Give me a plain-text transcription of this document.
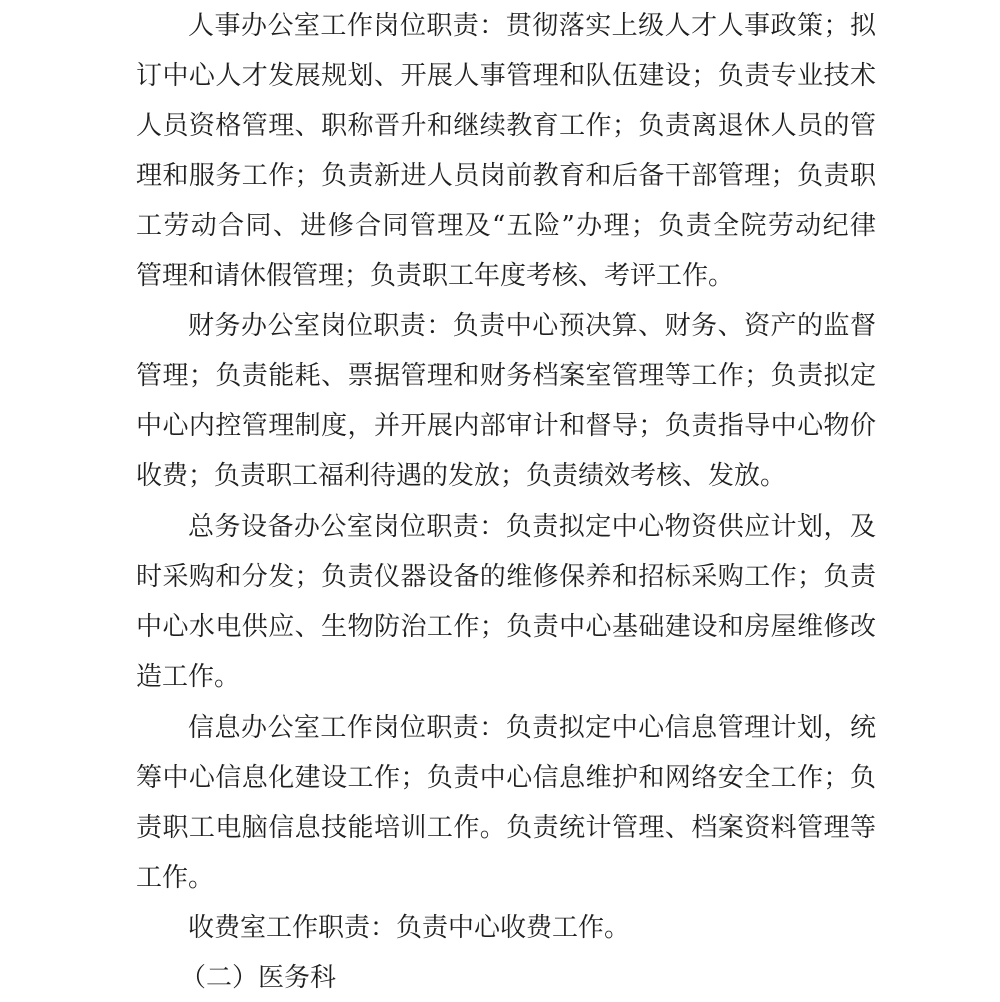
人事办公室工作岗位职责：贯彻落实上级人才人事政策；拟

订中心人才发展规划、开展人事管理和队伍建设；负责专业技术

人员资格管理、职称晋升和继续教育工作；负责离退休人员的管

理和服务工作；负责新进人员岗前教育和后备干部管理；负责职

工劳动合同、进修合同管理及“五险”办理；负责全院劳动纪律

管理和请休假管理；负责职工年度考核、考评工作。

财务办公室岗位职责：负责中心预决算、财务、资产的监督

管理；负责能耗、票据管理和财务档案室管理等工作；负责拟定

中心内控管理制度，并开展内部审计和督导；负责指导中心物价

收费；负责职工福利待遇的发放；负责绩效考核、发放。

总务设备办公室岗位职责：负责拟定中心物资供应计划，及

时采购和分发；负责仪器设备的维修保养和招标采购工作；负责

中心水电供应、生物防治工作；负责中心基础建设和房屋维修改

造工作。

信息办公室工作岗位职责：负责拟定中心信息管理计划，统

筹中心信息化建设工作；负责中心信息维护和网络安全工作；负

责职工电脑信息技能培训工作。负责统计管理、档案资料管理等

工作。

收费室工作职责：负责中心收费工作。

（二）医务科
